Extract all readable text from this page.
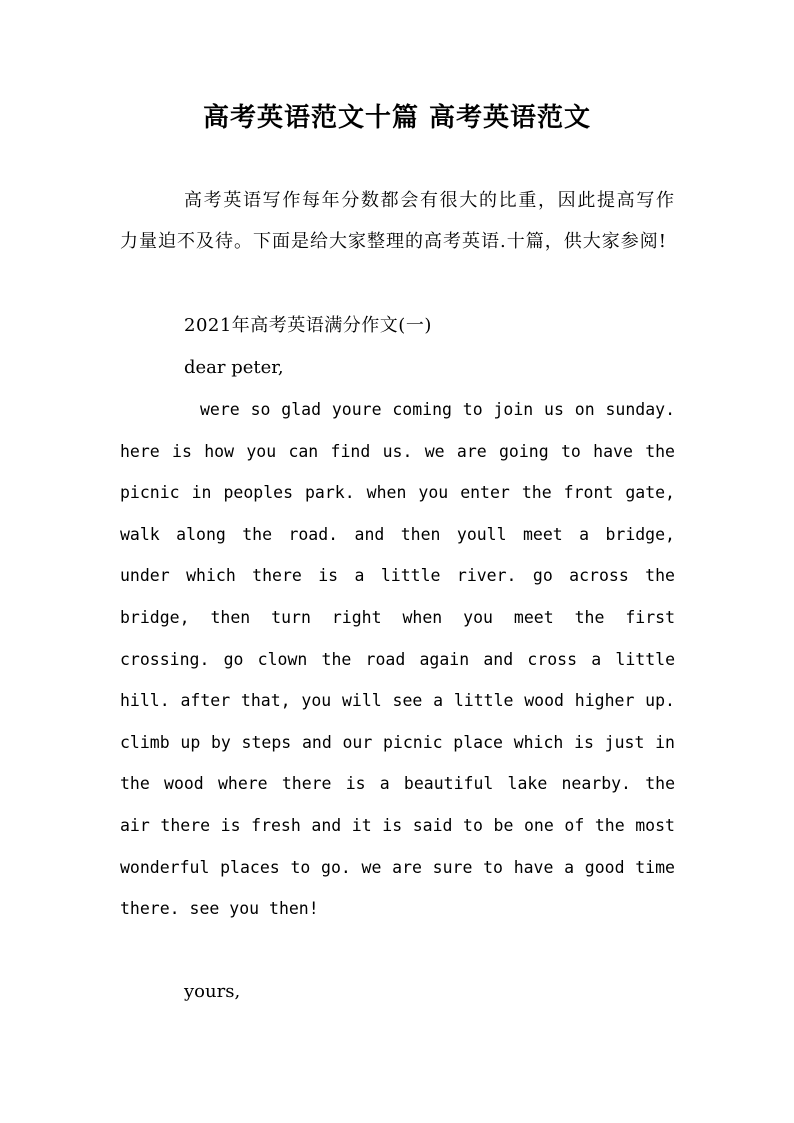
高考英语范文十篇 高考英语范文

高考英语写作每年分数都会有很大的比重，因此提高写作力量迫不及待。下面是给大家整理的高考英语.十篇，供大家参阅!

2021年高考英语满分作文(一)
dear peter,

were so glad youre coming to join us on sunday. here is how you can find us. we are going to have the picnic in peoples park. when you enter the front gate, walk along the road. and then youll meet a bridge, under which there is a little river. go across the bridge, then turn right when you meet the first crossing. go clown the road again and cross a little hill. after that, you will see a little wood higher up. climb up by steps and our picnic place which is just in the wood where there is a beautiful lake nearby. the air there is fresh and it is said to be one of the most wonderful places to go. we are sure to have a good time there. see you then!

yours,
